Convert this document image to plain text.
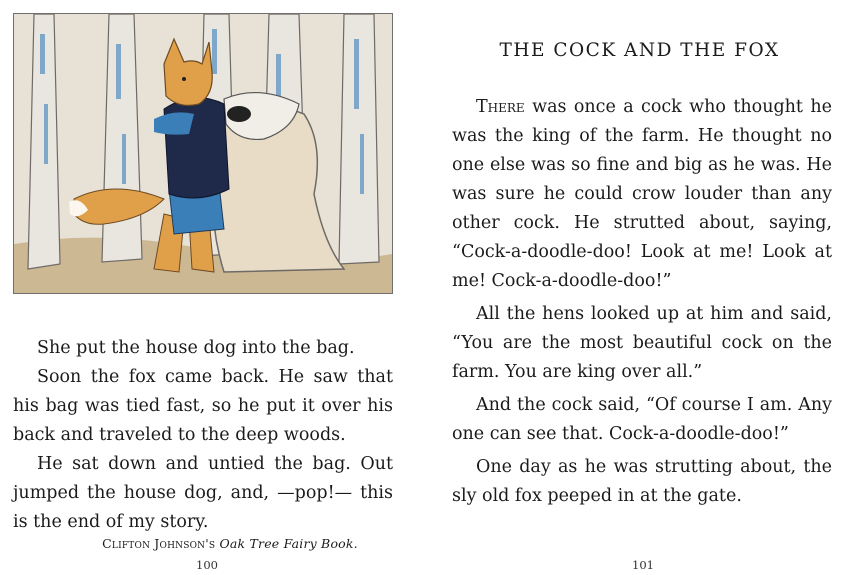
She put the house dog into the bag.

Soon the fox came back. He saw that his bag was tied fast, so he put it over his back and traveled to the deep woods.

He sat down and untied the bag. Out jumped the house dog, and, —pop!— this is the end of my story.

Clifton Johnson's Oak Tree Fairy Book.
100
THE COCK AND THE FOX

There was once a cock who thought he was the king of the farm. He thought no one else was so fine and big as he was. He was sure he could crow louder than any other cock. He strutted about, saying, “Cock-a-doodle-doo! Look at me! Look at me! Cock-a-doodle-doo!”

All the hens looked up at him and said, “You are the most beautiful cock on the farm. You are king over all.”

And the cock said, “Of course I am. Any one can see that. Cock-a-doodle-doo!”

One day as he was strutting about, the sly old fox peeped in at the gate.

101
